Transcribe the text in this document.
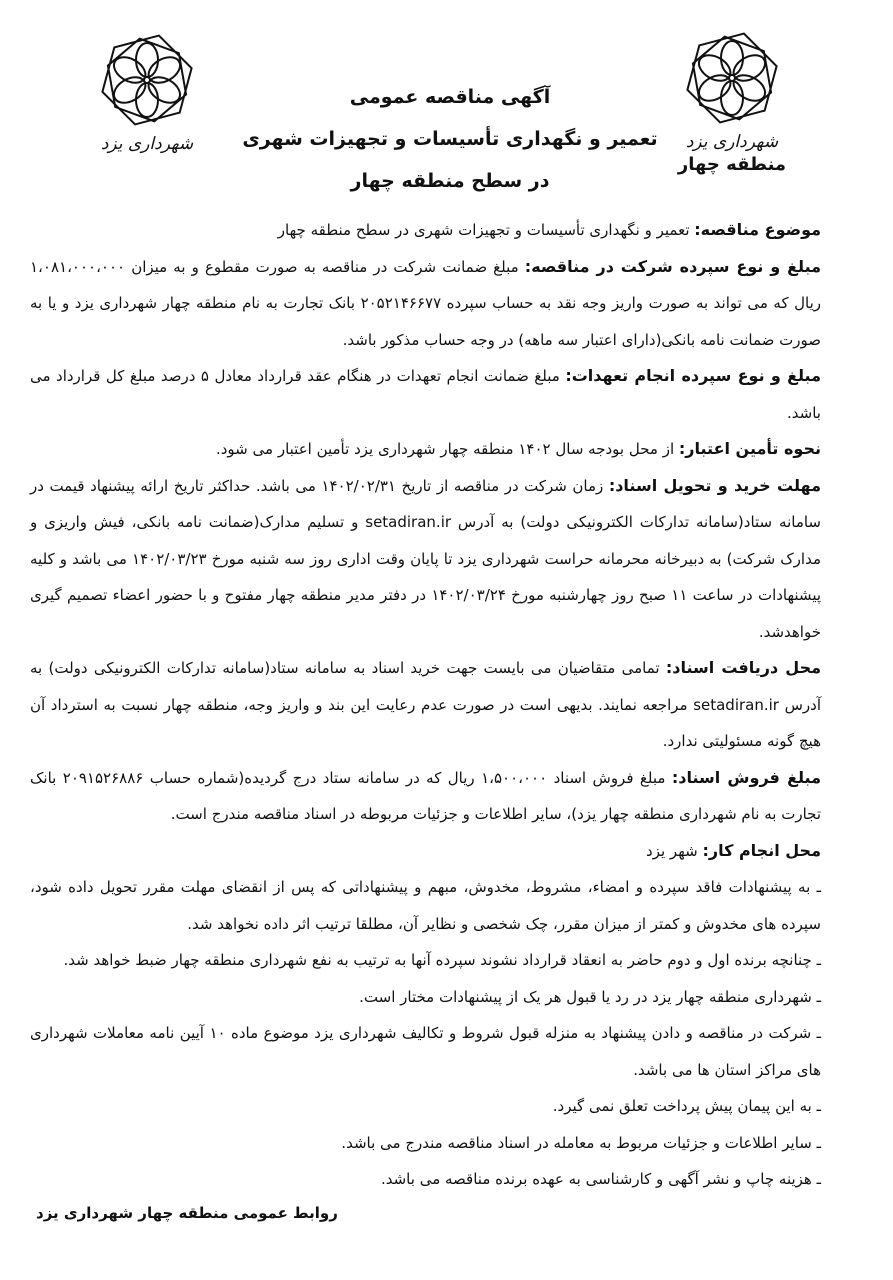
شهرداری یزد	شهرداری یزد
منطقه چهار
آگهی مناقصه عمومی
تعمیر و نگهداری تأسیسات و تجهیزات شهری
در سطح منطقه چهار

موضوع مناقصه: تعمیر و نگهداری تأسیسات و تجهیزات شهری در سطح منطقه چهار

مبلغ و نوع سپرده شرکت در مناقصه: مبلغ ضمانت شرکت در مناقصه به صورت مقطوع و به میزان ۱،۰۸۱،۰۰۰،۰۰۰ ریال که می تواند به صورت واریز وجه نقد به حساب سپرده ۲۰۵۲۱۴۶۶۷۷ بانک تجارت به نام منطقه چهار شهرداری یزد و یا به صورت ضمانت نامه بانکی(دارای اعتبار سه ماهه) در وجه حساب مذکور باشد.

مبلغ و نوع سپرده انجام تعهدات: مبلغ ضمانت انجام تعهدات در هنگام عقد قرارداد معادل ۵ درصد مبلغ کل قرارداد می باشد.

نحوه تأمین اعتبار: از محل بودجه سال ۱۴۰۲ منطقه چهار شهرداری یزد تأمین اعتبار می شود.

مهلت خرید و تحویل اسناد: زمان شرکت در مناقصه از تاریخ ۱۴۰۲/۰۲/۳۱ می باشد. حداکثر تاریخ ارائه پیشنهاد قیمت در سامانه ستاد(سامانه تدارکات الکترونیکی دولت) به آدرس setadiran.ir و تسلیم مدارک(ضمانت نامه بانکی، فیش واریزی و مدارک شرکت) به دبیرخانه محرمانه حراست شهرداری یزد تا پایان وقت اداری روز سه شنبه مورخ ۱۴۰۲/۰۳/۲۳ می باشد و کلیه پیشنهادات در ساعت ۱۱ صبح روز چهارشنبه مورخ ۱۴۰۲/۰۳/۲۴ در دفتر مدیر منطقه چهار مفتوح و با حضور اعضاء تصمیم گیری خواهدشد.

محل دریافت اسناد: تمامی متقاضیان می بایست جهت خرید اسناد به سامانه ستاد(سامانه تدارکات الکترونیکی دولت) به آدرس setadiran.ir مراجعه نمایند. بدیهی است در صورت عدم رعایت این بند و واریز وجه، منطقه چهار نسبت به استرداد آن هیچ گونه مسئولیتی ندارد.

مبلغ فروش اسناد: مبلغ فروش اسناد ۱،۵۰۰،۰۰۰ ریال که در سامانه ستاد درج گردیده(شماره حساب ۲۰۹۱۵۲۶۸۸۶ بانک تجارت به نام شهرداری منطقه چهار یزد)، سایر اطلاعات و جزئیات مربوطه در اسناد مناقصه مندرج است.

محل انجام کار: شهر یزد

ـ به پیشنهادات فاقد سپرده و امضاء، مشروط، مخدوش، مبهم و پیشنهاداتی که پس از انقضای مهلت مقرر تحویل داده شود، سپرده های مخدوش و کمتر از میزان مقرر، چک شخصی و نظایر آن، مطلقا ترتیب اثر داده نخواهد شد.

ـ چنانچه برنده اول و دوم حاضر به انعقاد قرارداد نشوند سپرده آنها به ترتیب به نفع شهرداری منطقه چهار ضبط خواهد شد.

ـ شهرداری منطقه چهار یزد در رد یا قبول هر یک از پیشنهادات مختار است.

ـ شرکت در مناقصه و دادن پیشنهاد به منزله قبول شروط و تکالیف شهرداری یزد موضوع ماده ۱۰ آیین نامه معاملات شهرداری های مراکز استان ها می باشد.

ـ به این پیمان پیش پرداخت تعلق نمی گیرد.

ـ سایر اطلاعات و جزئیات مربوط به معامله در اسناد مناقصه مندرج می باشد.

ـ هزینه چاپ و نشر آگهی و کارشناسی به عهده برنده مناقصه می باشد.

روابط عمومی منطقه چهار شهرداری یزد
